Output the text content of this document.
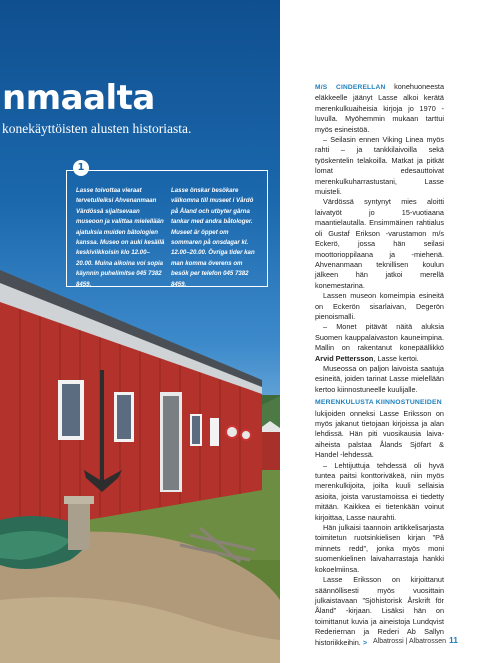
nmaalta

konekäyttöisten alusten historiasta.

1

Lasse toivottaa vieraat tervetulleiksi Ahvenanmaan Värdössä sijaitsevaan museoon ja valittaa mielellään ajatuksia muiden bätologien kanssa. Museo on auki kesällä keskiviikkoisin klo 12.00–20.00. Muina aikoina voi sopia käynnin puhelimitse 045 7382 8459.

Lasse önskar besökare välkomna till museet i Vårdö på Åland och utbyter gärna tankar med andra båtologer. Museet är öppet om sommaren på onsdagar kl. 12.00–20.00. Övriga tider kan man komma överens om besök per telefon 045 7382 8459.

M/S CINDERELLAN konehuoneesta eläkkeelle jäänyt Lasse alkoi kerätä merenkulkuaiheisia kirjoja jo 1970 -luvulla. Myöhemmin mukaan tarttui myös esineistöä.

– Seilasin ennen Viking Linea myös rahti – ja tankkilaivoilla sekä työskentelin telakoilla. Matkat ja pitkät lomat edesauttoivat merenkulkuharrastustani, Lasse muisteli.

Värdössä syntynyt mies aloitti laivatyöt jo 15-vuotiaana maantielautalla. Ensimmäinen rahtialus oli Gustaf Erikson -varustamon m/s Eckerö, jossa hän seilasi moottorioppilaana ja -miehenä. Ahvenanmaan teknillisen koulun jälkeen hän jatkoi merellä konemestarina.

Lassen museon komeimpia esineitä on Eckerön sisarlaivan, Degerön pienoismalli.

– Monet pitävät näitä aluksia Suomen kauppalaivaston kauneimpina. Mallin on rakentanut konepäällikkö Arvid Pettersson, Lasse kertoi.

Museossa on paljon laivoista saatuja esineitä, joiden tarinat Lasse mielellään kertoo kiinnostuneelle kuulijalle.

MERENKULUSTA KIINNOSTUNEIDEN

lukijoiden onneksi Lasse Eriksson on myös jakanut tietojaan kirjoissa ja alan lehdissä. Hän piti vuosikausia laiva-aiheista palstaa Ålands Sjöfart & Handel -lehdessä.

– Lehtijuttuja tehdessä oli hyvä tuntea paitsi konttoriväkeä, niin myös merenkulkijoita, joilta kuuli sellaisia asioita, joista varustamoissa ei tiedetty mitään. Kaikkea ei tietenkään voinut kirjoittaa, Lasse naurahti.

Hän julkaisi taannoin artikkelisarjasta toimitetun ruotsinkielisen kirjan ”På minnets redd”, jonka myös moni suomenkielinen laivaharrastaja hankki kokoelmiinsa.

Lasse Eriksson on kirjoittanut säännöllisesti myös vuosittain julkaistavaan ”Sjöhistorisk Årskrift för Åland” -kirjaan. Lisäksi hän on toimittanut kuvia ja aineistoja Lundqvist Rederiernan ja Rederi Ab Sallyn historiikkeihin. > Albatrossi | Albatrossen 11
